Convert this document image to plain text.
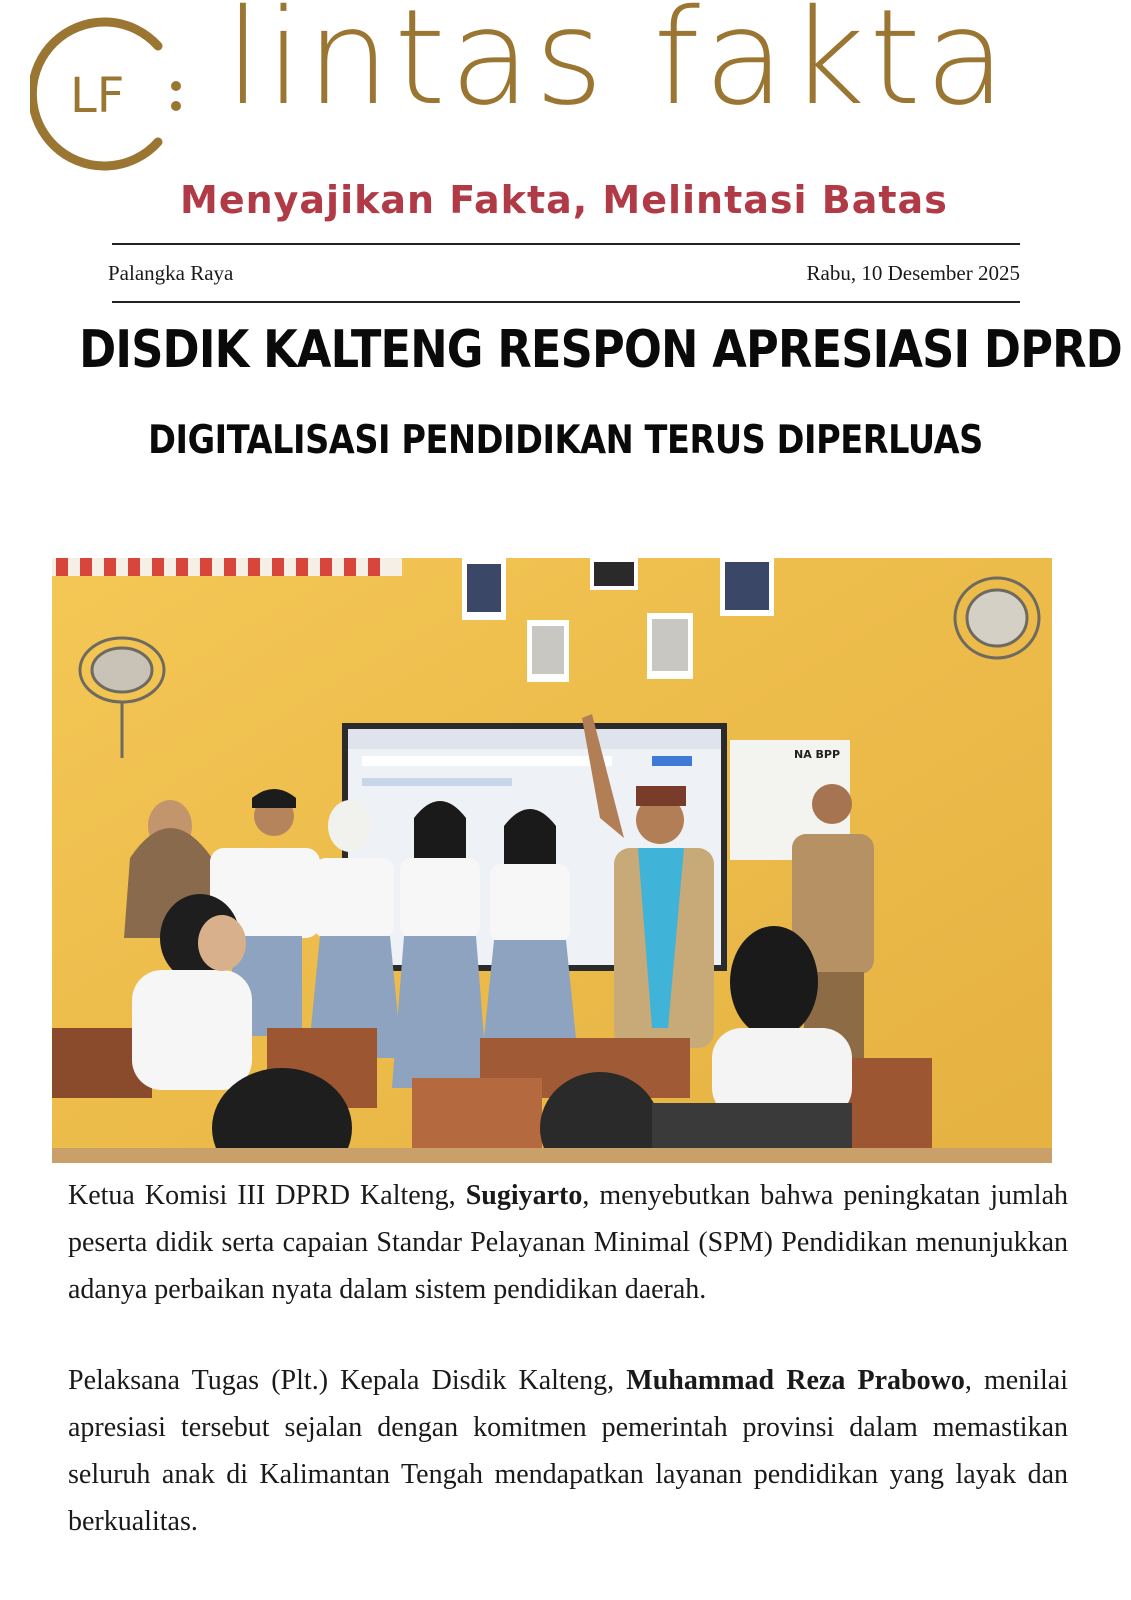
LF lintas fakta
Menyajikan Fakta, Melintasi Batas
Palangka Raya	Rabu, 10 Desember 2025
DISDIK KALTENG RESPON APRESIASI DPRD
DIGITALISASI PENDIDIKAN TERUS DIPERLUAS
NA BPP

Ketua Komisi III DPRD Kalteng, Sugiyarto, menyebutkan bahwa peningkatan jumlah peserta didik serta capaian Standar Pelayanan Minimal (SPM) Pendidikan menunjukkan adanya perbaikan nyata dalam sistem pendidikan daerah.

Pelaksana Tugas (Plt.) Kepala Disdik Kalteng, Muhammad Reza Prabowo, menilai apresiasi tersebut sejalan dengan komitmen pemerintah provinsi dalam memastikan seluruh anak di Kalimantan Tengah mendapatkan layanan pendidikan yang layak dan berkualitas.
